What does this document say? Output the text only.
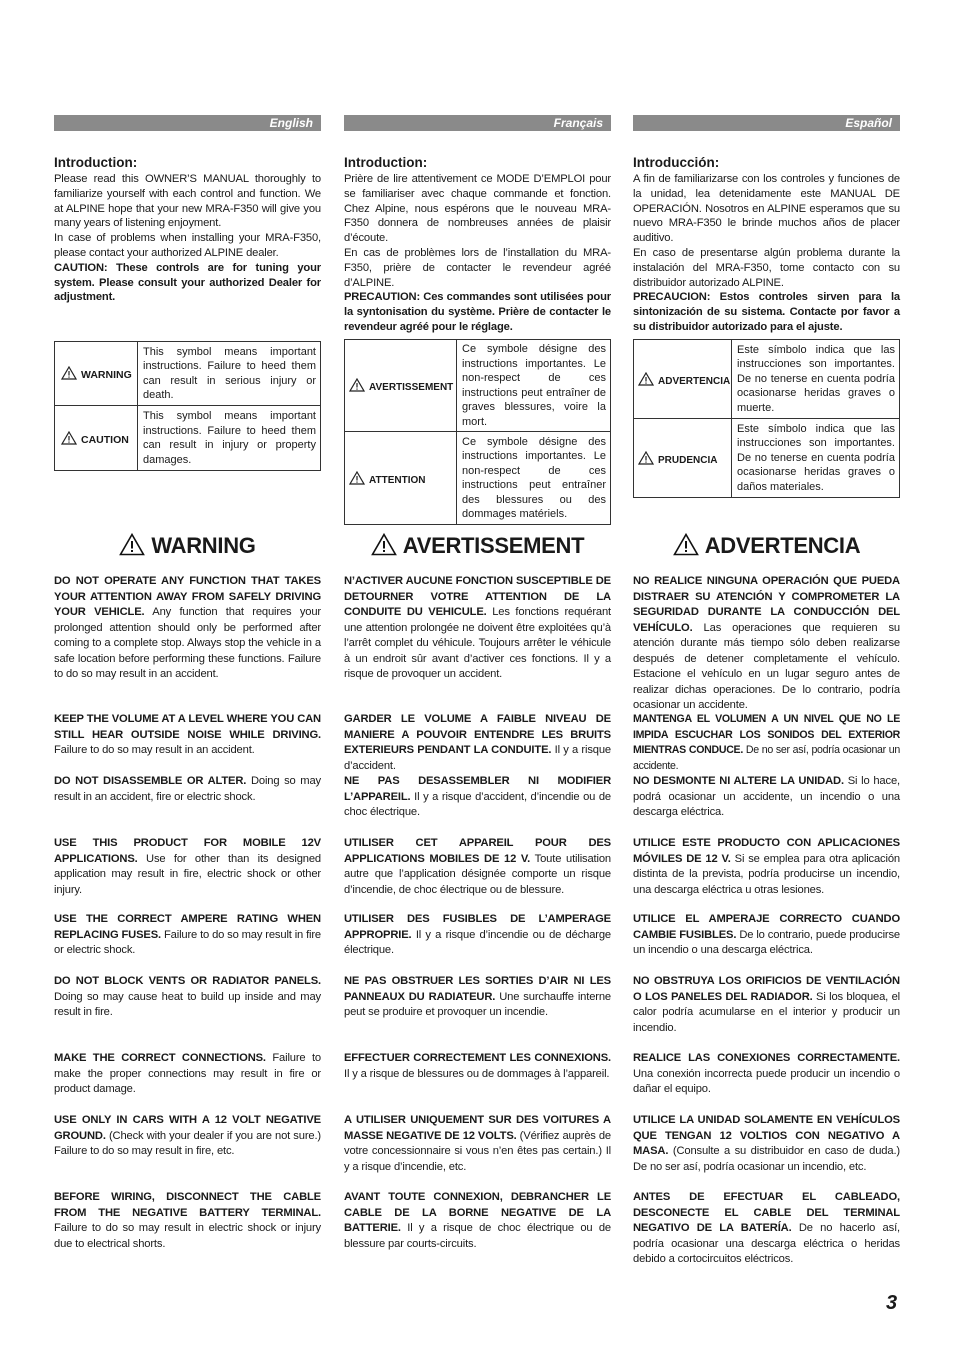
English
Introduction:

Please read this OWNER’S MANUAL thoroughly to familiarize yourself with each control and function. We at ALPINE hope that your new MRA-F350 will give you many years of listening enjoyment.

In case of problems when installing your MRA-F350, please contact your authorized ALPINE dealer.

CAUTION: These controls are for tuning your system. Please consult your authorized Dealer for adjustment.

WARNING	This symbol means important instructions. Failure to heed them can result in serious injury or death.
CAUTION	This symbol means important instructions. Failure to heed them can result in injury or property damages.
WARNING
DO NOT OPERATE ANY FUNCTION THAT TAKES YOUR ATTENTION AWAY FROM SAFELY DRIVING YOUR VEHICLE. Any function that requires your prolonged attention should only be performed after coming to a complete stop. Always stop the vehicle in a safe location before performing these functions. Failure to do so may result in an accident.
KEEP THE VOLUME AT A LEVEL WHERE YOU CAN STILL HEAR OUTSIDE NOISE WHILE DRIVING. Failure to do so may result in an accident.
DO NOT DISASSEMBLE OR ALTER. Doing so may result in an accident, fire or electric shock.
USE THIS PRODUCT FOR MOBILE 12V APPLICATIONS. Use for other than its designed application may result in fire, electric shock or other injury.
USE THE CORRECT AMPERE RATING WHEN REPLACING FUSES. Failure to do so may result in fire or electric shock.
DO NOT BLOCK VENTS OR RADIATOR PANELS. Doing so may cause heat to build up inside and may result in fire.
MAKE THE CORRECT CONNECTIONS. Failure to make the proper connections may result in fire or product damage.
USE ONLY IN CARS WITH A 12 VOLT NEGATIVE GROUND. (Check with your dealer if you are not sure.) Failure to do so may result in fire, etc.
BEFORE WIRING, DISCONNECT THE CABLE FROM THE NEGATIVE BATTERY TERMINAL. Failure to do so may result in electric shock or injury due to electrical shorts.
Français
Introduction:

Prière de lire attentivement ce MODE D’EMPLOI pour se familiariser avec chaque commande et fonction. Chez Alpine, nous espérons que le nouveau MRA-F350 donnera de nombreuses années de plaisir d’écoute.

En cas de problèmes lors de l’installation du MRA-F350, prière de contacter le revendeur agréé d’ALPINE.

PRECAUTION: Ces commandes sont utilisées pour la syntonisation du système. Prière de contacter le revendeur agréé pour le réglage.

AVERTISSEMENT	Ce symbole désigne des instructions importantes. Le non-respect de ces instructions peut entraîner de graves blessures, voire la mort.
ATTENTION	Ce symbole désigne des instructions importantes. Le non-respect de ces instructions peut entraîner des blessures ou des dommages matériels.
AVERTISSEMENT
N’ACTIVER AUCUNE FONCTION SUSCEPTIBLE DE DETOURNER VOTRE ATTENTION DE LA CONDUITE DU VEHICULE. Les fonctions requérant une attention prolongée ne doivent être exploitées qu’à l’arrêt complet du véhicule. Toujours arrêter le véhicule à un endroit sûr avant d’activer ces fonctions. Il y a risque de provoquer un accident.
GARDER LE VOLUME A FAIBLE NIVEAU DE MANIERE A POUVOIR ENTENDRE LES BRUITS EXTERIEURS PENDANT LA CONDUITE. Il y a risque d’accident.
NE PAS DESASSEMBLER NI MODIFIER L’APPAREIL. Il y a risque d’accident, d’incendie ou de choc électrique.
UTILISER CET APPAREIL POUR DES APPLICATIONS MOBILES DE 12 V. Toute utilisation autre que l’application désignée comporte un risque d’incendie, de choc électrique ou de blessure.
UTILISER DES FUSIBLES DE L’AMPERAGE APPROPRIE. Il y a risque d’incendie ou de décharge électrique.
NE PAS OBSTRUER LES SORTIES D’AIR NI LES PANNEAUX DU RADIATEUR. Une surchauffe interne peut se produire et provoquer un incendie.
EFFECTUER CORRECTEMENT LES CONNEXIONS. Il y a risque de blessures ou de dommages à l’appareil.
A UTILISER UNIQUEMENT SUR DES VOITURES A MASSE NEGATIVE DE 12 VOLTS. (Vérifiez auprès de votre concessionnaire si vous n’en êtes pas certain.) Il y a risque d’incendie, etc.
AVANT TOUTE CONNEXION, DEBRANCHER LE CABLE DE LA BORNE NEGATIVE DE LA BATTERIE. Il y a risque de choc électrique ou de blessure par courts-circuits.
Español
Introducción:

A fin de familiarizarse con los controles y funciones de la unidad, lea detenidamente este MANUAL DE OPERACIÓN. Nosotros en ALPINE esperamos que su nuevo MRA-F350 le brinde muchos años de placer auditivo.

En caso de presentarse algún problema durante la instalación del MRA-F350, tome contacto con su distribuidor autorizado ALPINE.

PRECAUCION: Estos controles sirven para la sintonización de su sistema. Contacte por favor a su distribuidor autorizado para el ajuste.

ADVERTENCIA	Este símbolo indica que las instrucciones son importantes. De no tenerse en cuenta podría ocasionarse heridas graves o muerte.
PRUDENCIA	Este símbolo indica que las instrucciones son importantes. De no tenerse en cuenta podría ocasionarse heridas graves o daños materiales.
ADVERTENCIA
NO REALICE NINGUNA OPERACIÓN QUE PUEDA DISTRAER SU ATENCIÓN Y COMPROMETER LA SEGURIDAD DURANTE LA CONDUCCIÓN DEL VEHÍCULO. Las operaciones que requieren su atención durante más tiempo sólo deben realizarse después de detener completamente el vehículo. Estacione el vehículo en un lugar seguro antes de realizar dichas operaciones. De lo contrario, podría ocasionar un accidente.
MANTENGA EL VOLUMEN A UN NIVEL QUE NO LE IMPIDA ESCUCHAR LOS SONIDOS DEL EXTERIOR MIENTRAS CONDUCE. De no ser así, podría ocasionar un accidente.
NO DESMONTE NI ALTERE LA UNIDAD. Si lo hace, podrá ocasionar un accidente, un incendio o una descarga eléctrica.
UTILICE ESTE PRODUCTO CON APLICACIONES MÓVILES DE 12 V. Si se emplea para otra aplicación distinta de la prevista, podría producirse un incendio, una descarga eléctrica u otras lesiones.
UTILICE EL AMPERAJE CORRECTO CUANDO CAMBIE FUSIBLES. De lo contrario, puede producirse un incendio o una descarga eléctrica.
NO OBSTRUYA LOS ORIFICIOS DE VENTILACIÓN O LOS PANELES DEL RADIADOR. Si los bloquea, el calor podría acumularse en el interior y producir un incendio.
REALICE LAS CONEXIONES CORRECTAMENTE. Una conexión incorrecta puede producir un incendio o dañar el equipo.
UTILICE LA UNIDAD SOLAMENTE EN VEHÍCULOS QUE TENGAN 12 VOLTIOS CON NEGATIVO A MASA. (Consulte a su distribuidor en caso de duda.) De no ser así, podría ocasionar un incendio, etc.
ANTES DE EFECTUAR EL CABLEADO, DESCONECTE EL CABLE DEL TERMINAL NEGATIVO DE LA BATERÍA. De no hacerlo así, podría ocasionar una descarga eléctrica o heridas debido a cortocircuitos eléctricos.
3
